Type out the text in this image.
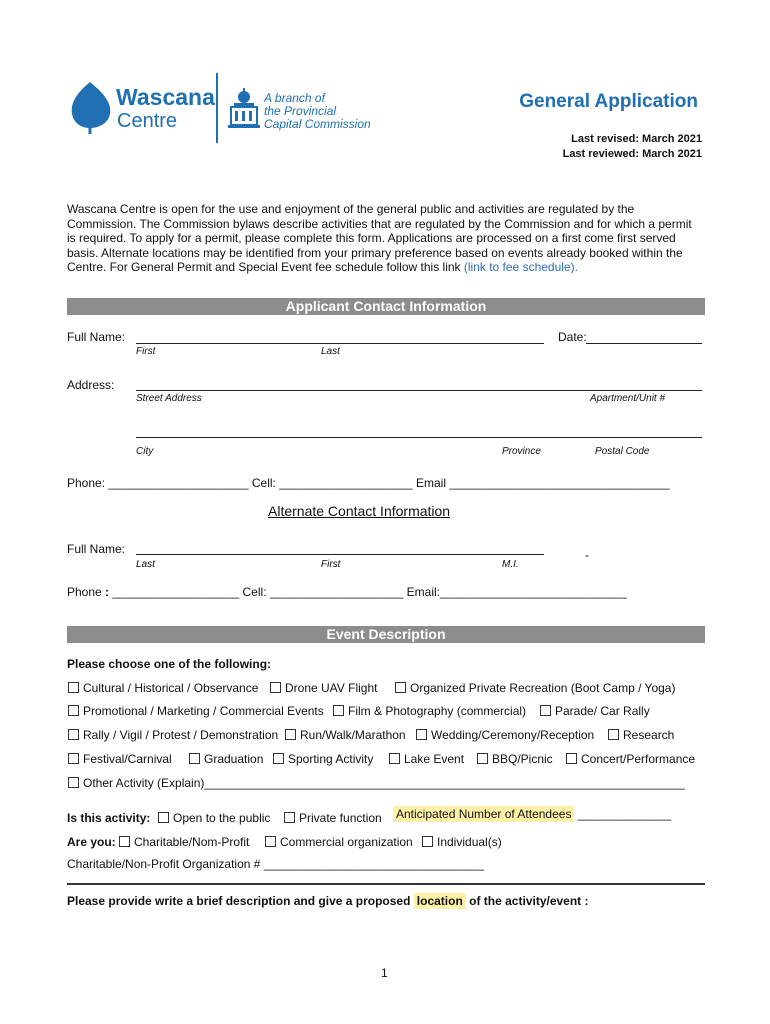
Wascana
Centre
A branch of
the Provincial
Capital Commission
General Application
Last revised: March 2021
Last reviewed: March 2021
Wascana Centre is open for the use and enjoyment of the general public and activities are regulated by the
Commission. The Commission bylaws describe activities that are regulated by the Commission and for which a permit
is required. To apply for a permit, please complete this form. Applications are processed on a first come first served
basis. Alternate locations may be identified from your primary preference based on events already booked within the
Centre. For General Permit and Special Event fee schedule follow this link (link to fee schedule).
Applicant Contact Information
Full Name:	Date:
First	Last
Address:
Street Address	Apartment/Unit #
City	Province	Postal Code
Phone: _____________________ Cell: ____________________ Email _________________________________
Alternate Contact Information
Full Name:	-
Last	First	M.I.
Phone : ___________________ Cell: ____________________ Email:____________________________
Event Description
Please choose one of the following:
Cultural / Historical / Observance	Drone UAV Flight	Organized Private Recreation (Boot Camp / Yoga)
Promotional / Marketing / Commercial Events	Film & Photography (commercial)	Parade/ Car Rally
Rally / Vigil / Protest / Demonstration	Run/Walk/Marathon	Wedding/Ceremony/Reception	Research
Festival/Carnival	Graduation	Sporting Activity	Lake Event	BBQ/Picnic	Concert/Performance
Other Activity (Explain)________________________________________________________________________
Is this activity:	Open to the public	Private function Anticipated Number of Attendees ______________
Are you:	Charitable/Nom-Profit	Commercial organization	Individual(s)
Charitable/Non-Profit Organization # _________________________________
Please provide write a brief description and give a proposed location of the activity/event :
1
